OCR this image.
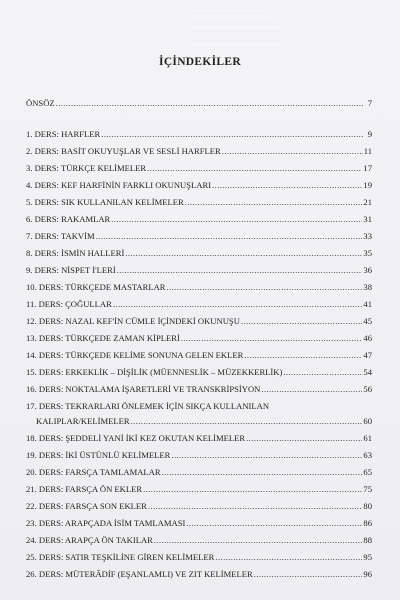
. . . . . . . . . . . . . . . . . . .
. . . . . . . . . . . . . . . . . . . . . .
. . . . . . . . . . . . . . . . . . . . . . .
. . . . . . . . . . . . . . . . . . . . . . . .
. . . . . . . . . . . . . . . . . . . .
İÇİNDEKİLER
ÖNSÖZ .....	7
1. DERS: HARFLER .....	9
2. DERS: BASİT OKUYUŞLAR VE SESLİ HARFLER .....	11
3. DERS: TÜRKÇE KELİMELER .....	17
4. DERS: KEF HARFİNİN FARKLI OKUNUŞLARI .....	19
5. DERS: SIK KULLANILAN KELİMELER .....	21
6. DERS: RAKAMLAR .....	31
7. DERS: TAKVİM .....	33
8. DERS: İSMİN HALLERİ .....	35
9. DERS: NİSPET İ'LERİ .....	36
10. DERS: TÜRKÇEDE MASTARLAR .....	38
11. DERS: ÇOĞULLAR .....	41
12. DERS: NAZAL KEF'İN CÜMLE İÇİNDEKİ OKUNUŞU .....	45
13. DERS: TÜRKÇEDE ZAMAN KİPLERİ .....	46
14. DERS: TÜRKÇEDE KELİME SONUNA GELEN EKLER .....	47
15. DERS: ERKEKLİK – DİŞİLİK (MÜENNESLİK – MÜZEKKERLİK) .....	54
16. DERS: NOKTALAMA İŞARETLERİ VE TRANSKRİPSİYON .....	56
17. DERS: TEKRARLARI ÖNLEMEK İÇİN SIKÇA KULLANILAN
KALIPLAR/KELİMELER .....	60
18. DERS: ŞEDDELİ YANİ İKİ KEZ OKUTAN KELİMELER .....	61
19. DERS: İKİ ÜSTÜNLÜ KELİMELER .....	63
20. DERS: FARSÇA TAMLAMALAR .....	65
21. DERS: FARSÇA ÖN EKLER .....	75
22. DERS: FARSÇA SON EKLER .....	80
23. DERS: ARAPÇADA İSİM TAMLAMASI .....	86
24. DERS: ARAPÇA ÖN TAKILAR .....	88
25. DERS: SATIR TEŞKİLİNE GİREN KELİMELER .....	95
26. DERS: MÜTERÂDİF (EŞANLAMLI) VE ZIT KELİMELER .....	96
